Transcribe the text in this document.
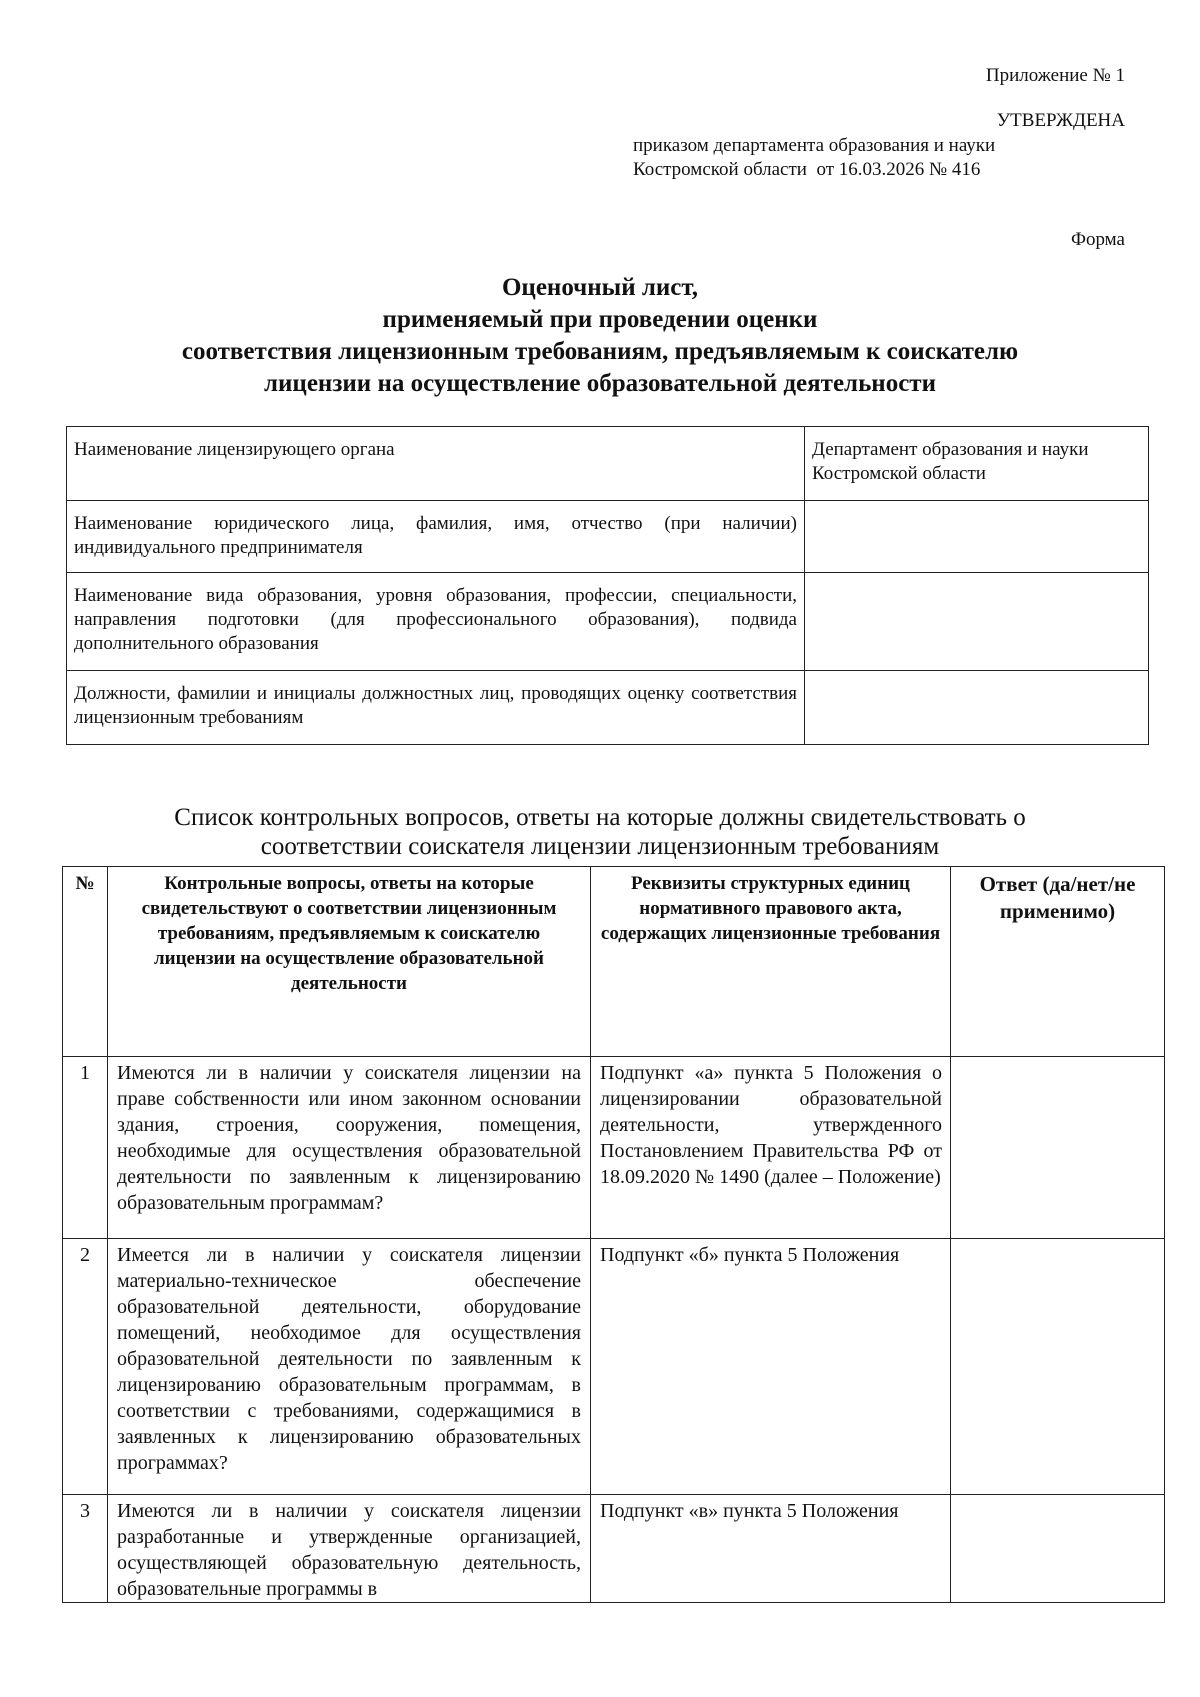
Приложение № 1
УТВЕРЖДЕНА
приказом департамента образования и науки
Костромской области  от 16.03.2026 № 416
Форма
Оценочный лист,
применяемый при проведении оценки
соответствия лицензионным требованиям, предъявляемым к соискателю
лицензии на осуществление образовательной деятельности
Наименование лицензирующего органа	Департамент образования и науки Костромской области
Наименование юридического лица, фамилия, имя, отчество (при наличии) индивидуального предпринимателя	
Наименование вида образования, уровня образования, профессии, специальности, направления подготовки (для профессионального образования), подвида дополнительного образования	
Должности, фамилии и инициалы должностных лиц, проводящих оценку соответствия лицензионным требованиям	
Список контрольных вопросов, ответы на которые должны свидетельствовать о
соответствии соискателя лицензии лицензионным требованиям
№	Контрольные вопросы, ответы на которые свидетельствуют о соответствии лицензионным требованиям, предъявляемым к соискателю лицензии на осуществление образовательной деятельности	Реквизиты структурных единиц нормативного правового акта, содержащих лицензионные требования	Ответ (да/нет/не применимо)
1	Имеются ли в наличии у соискателя лицензии на праве собственности или ином законном основании здания, строения, сооружения, помещения, необходимые для осуществления образовательной деятельности по заявленным к лицензированию образовательным программам?	Подпункт «а» пункта 5 Положения о лицензировании образовательной деятельности, утвержденного Постановлением Правительства РФ от 18.09.2020 № 1490 (далее – Положение)	
2	Имеется ли в наличии у соискателя лицензии материально-техническое обеспечение образовательной деятельности, оборудование помещений, необходимое для осуществления образовательной деятельности по заявленным к лицензированию образовательным программам, в соответствии с требованиями, содержащимися в заявленных к лицензированию образовательных программах?	Подпункт «б» пункта 5 Положения	
3	Имеются ли в наличии у соискателя лицензии разработанные и утвержденные организацией, осуществляющей образовательную деятельность, образовательные программы в	Подпункт «в» пункта 5 Положения	
